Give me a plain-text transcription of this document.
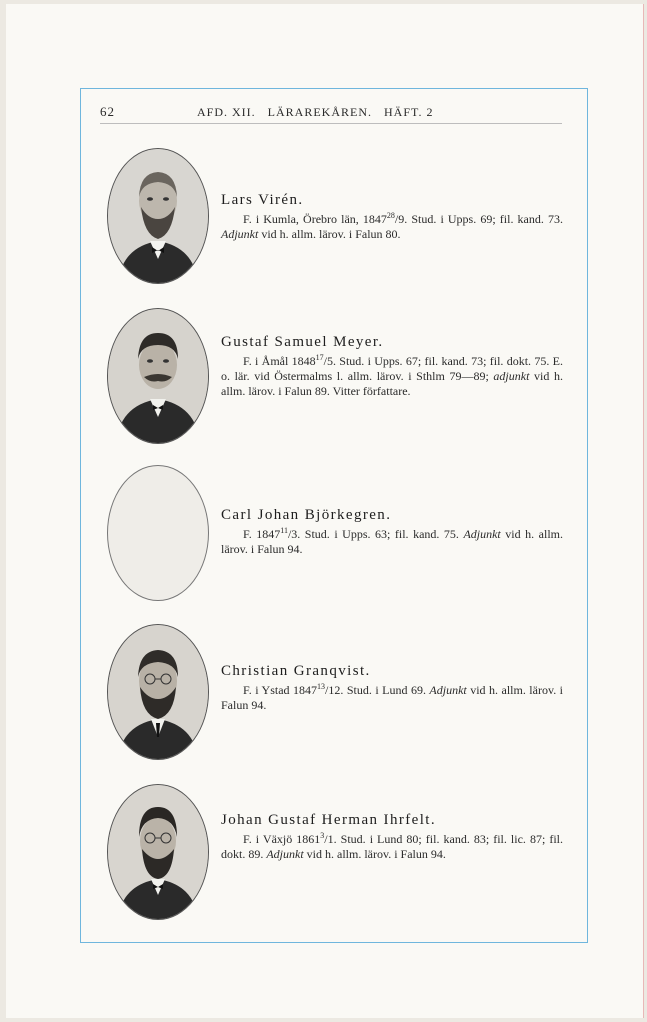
62	AFD. XII.   LÄRAREKÅREN.   HÄFT. 2
Lars Virén.
F. i Kumla, Örebro län, 1847$^{28}$/9. Stud. i Upps. 69; fil. kand. 73. Adjunkt vid h. allm. lärov. i Falun 80.
Gustaf Samuel Meyer.
F. i Åmål 1848$^{17}$/5. Stud. i Upps. 67; fil. kand. 73; fil. dokt. 75. E. o. lär. vid Östermalms l. allm. lärov. i Sthlm 79—89; adjunkt vid h. allm. lärov. i Falun 89. Vitter författare.
Carl Johan Björkegren.
F. 1847$^{11}$/3. Stud. i Upps. 63; fil. kand. 75. Adjunkt vid h. allm. lärov. i Falun 94.
Christian Granqvist.
F. i Ystad 1847$^{13}$/12. Stud. i Lund 69. Adjunkt vid h. allm. lärov. i Falun 94.
Johan Gustaf Herman Ihrfelt.
F. i Växjö 1861$^3$/1. Stud. i Lund 80; fil. kand. 83; fil. lic. 87; fil. dokt. 89. Adjunkt vid h. allm. lärov. i Falun 94.
